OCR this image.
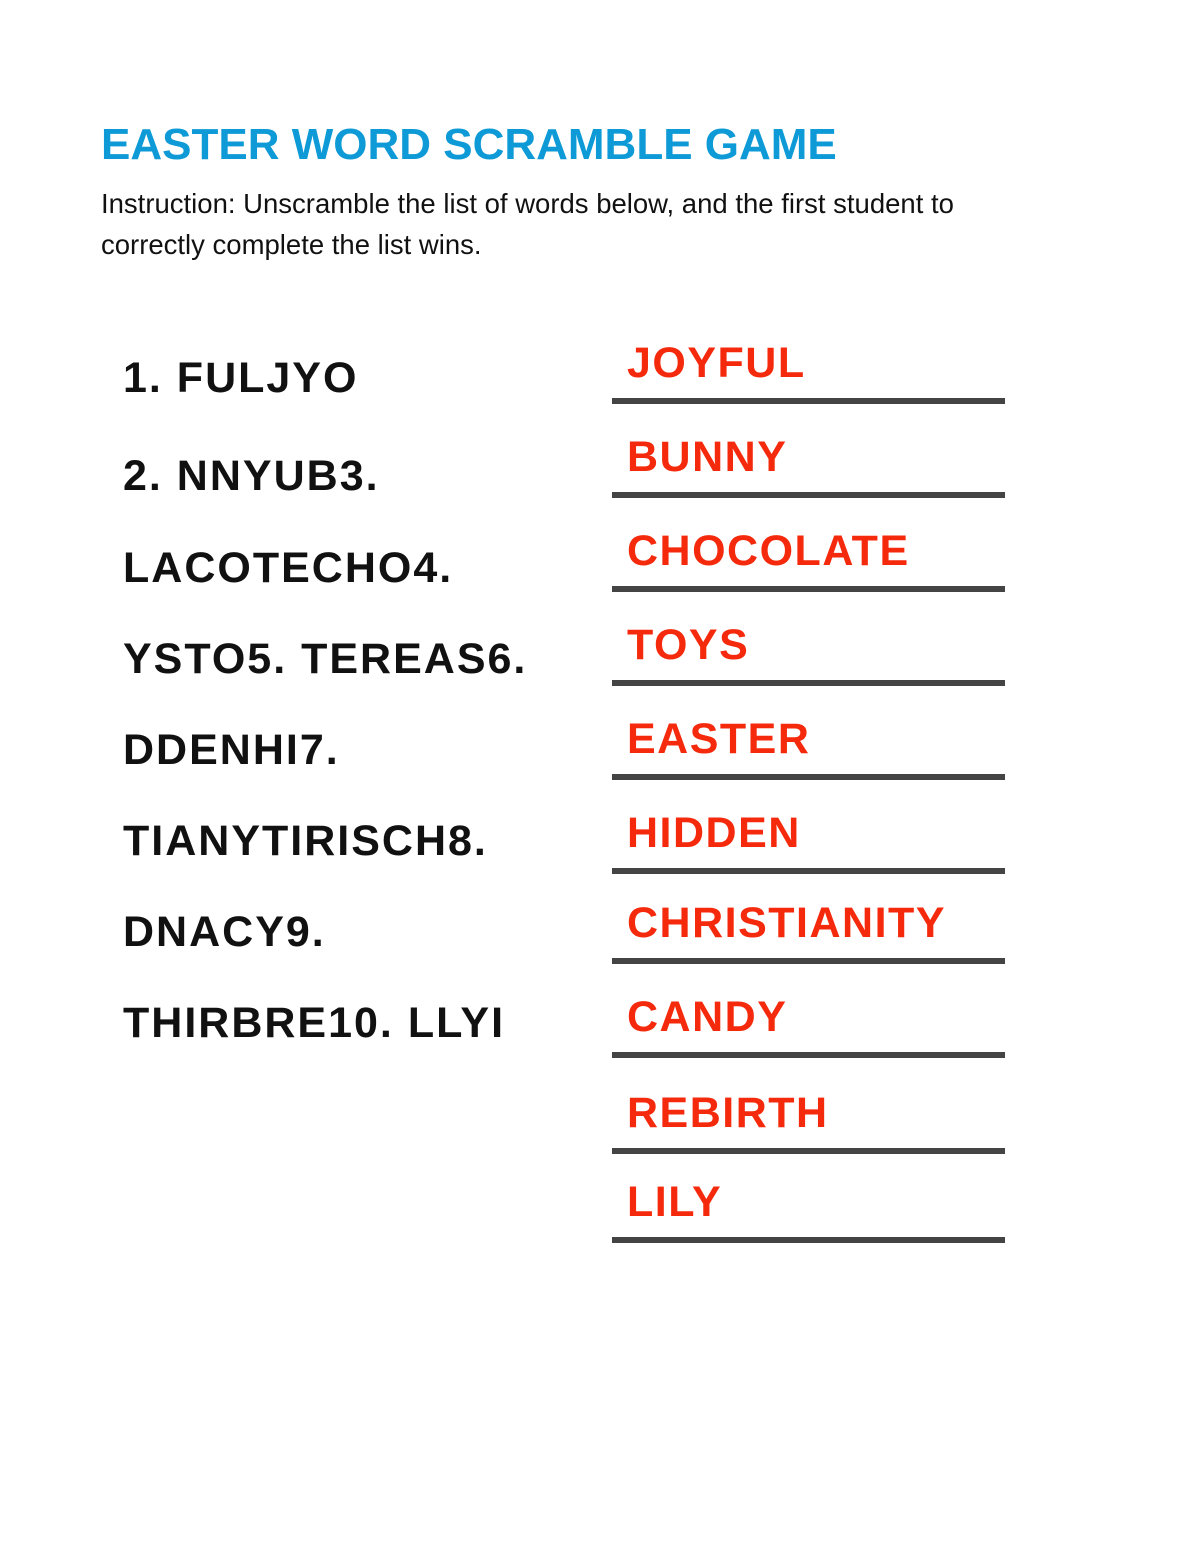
EASTER WORD SCRAMBLE GAME

Instruction: Unscramble the list of words below, and the first student to correctly complete the list wins.

1. FULJYO
2. NNYUB3.
LACOTECHO4.
YSTO5. TEREAS6.
DDENHI7.
TIANYTIRISCH8.
DNACY9.
THIRBRE10. LLYI
JOYFUL
BUNNY
CHOCOLATE
TOYS
EASTER
HIDDEN
CHRISTIANITY
CANDY
REBIRTH
LILY
